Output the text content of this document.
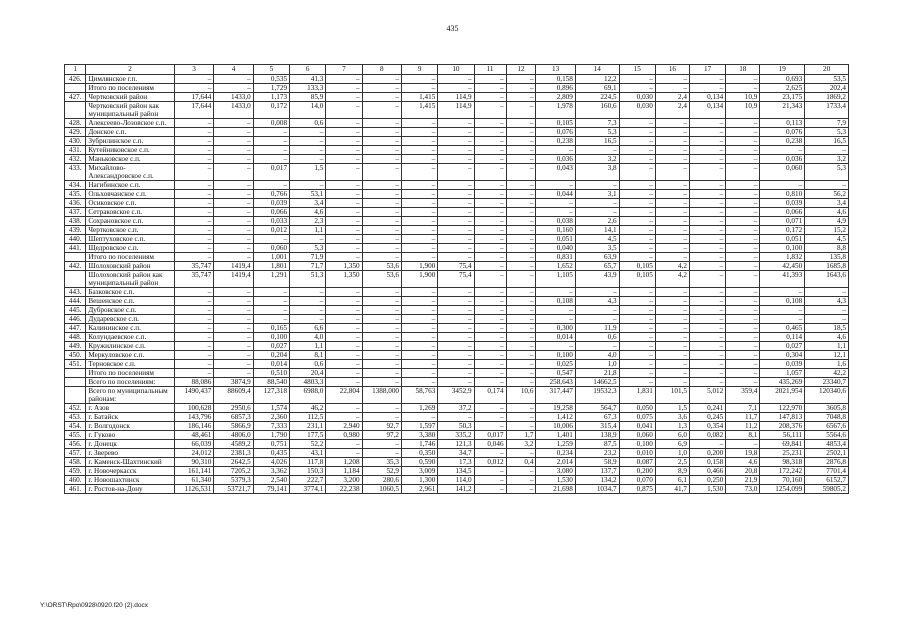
435
1	2	3	4	5	6	7	8	9	10	11	12	13	14	15	16	17	18	19	20
426.	Цимлянское г.п.	–	–	0,535	41,3	–	–	–	–	–	–	0,158	12,2	–	–	–	–	0,693	53,5
	Итого по поселениям	–	–	1,729	133,3	–	–	–	–	–	–	0,896	69,1	–	–	–	–	2,625	202,4
427.	Чертковский район	17,644	1433,0	1,173	85,9	–	–	1,415	114,9	–	–	2,809	224,5	0,030	2,4	0,134	10,9	23,175	1869,2
	Чертковский район как муниципальный район	17,644	1433,0	0,172	14,0	–	–	1,415	114,9	–	–	1,978	160,6	0,030	2,4	0,134	10,9	21,343	1733,4
428.	Алексеево-Лозовское с.п.	–	–	0,008	0,6	–	–	–	–	–	–	0,105	7,3	–	–	–	–	0,113	7,9
429.	Донское с.п.	–	–	–	–	–	–	–	–	–	–	0,076	5,3	–	–	–	–	0,076	5,3
430.	Зубрилинское с.п.	–	–	–	–	–	–	–	–	–	–	0,238	16,5	–	–	–	–	0,238	16,5
431.	Кутейниковское с.п.	–	–	–	–	–	–	–	–	–	–	–	–	–	–	–	–	–	–
432.	Маньковское с.п.	–	–	–	–	–	–	–	–	–	–	0,036	3,2	–	–	–	–	0,036	3,2
433.	Михайлово-Александровское с.п.	–	–	0,017	1,5	–	–	–	–	–	–	0,043	3,8	–	–	–	–	0,060	5,3
434.	Нагибинское с.п.	–	–	–	–	–	–	–	–	–	–	–	–	–	–	–	–	–	–
435.	Ольховчанское с.п.	–	–	0,766	53,1	–	–	–	–	–	–	0,044	3,1	–	–	–	–	0,810	56,2
436.	Осиковское с.п.	–	–	0,039	3,4	–	–	–	–	–	–	–	–	–	–	–	–	0,039	3,4
437.	Сетраковское с.п.	–	–	0,066	4,6	–	–	–	–	–	–	–	–	–	–	–	–	0,066	4,6
438.	Сохрановское с.п.	–	–	0,033	2,3	–	–	–	–	–	–	0,038	2,6	–	–	–	–	0,071	4,9
439.	Чертковское с.п.	–	–	0,012	1,1	–	–	–	–	–	–	0,160	14,1	–	–	–	–	0,172	15,2
440.	Шептуховское с.п.	–	–	–	–	–	–	–	–	–	–	0,051	4,5	–	–	–	–	0,051	4,5
441.	Щедровское с.п.	–	–	0,060	5,3	–	–	–	–	–	–	0,040	3,5	–	–	–	–	0,100	8,8
	Итого по поселениям	–	–	1,001	71,9	–	–	–	–	–	–	0,831	63,9	–	–	–	–	1,832	135,8
442.	Шолоховский район	35,747	1419,4	1,801	71,7	1,350	53,6	1,900	75,4	–	–	1,652	65,7	0,105	4,2	–	–	42,450	1685,8
	Шолоховский район как муниципальный район	35,747	1419,4	1,291	51,3	1,350	53,6	1,900	75,4	–	–	1,105	43,9	0,105	4,2	–	–	41,393	1643,6
443.	Базковское с.п.	–	–	–	–	–	–	–	–	–	–	–	–	–	–	–	–	–	–
444.	Вешенское с.п.	–	–	–	–	–	–	–	–	–	–	0,108	4,3	–	–	–	–	0,108	4,3
445.	Дубровское с.п.	–	–	–	–	–	–	–	–	–	–	–	–	–	–	–	–	–	–
446.	Дударевское с.п.	–	–	–	–	–	–	–	–	–	–	–	–	–	–	–	–	–	–
447.	Калининское с.п.	–	–	0,165	6,6	–	–	–	–	–	–	0,300	11,9	–	–	–	–	0,465	18,5
448.	Колундаевское с.п.	–	–	0,100	4,0	–	–	–	–	–	–	0,014	0,6	–	–	–	–	0,114	4,6
449.	Кружилинское с.п.	–	–	0,027	1,1	–	–	–	–	–	–	–	–	–	–	–	–	0,027	1,1
450.	Меркуловское с.п.	–	–	0,204	8,1	–	–	–	–	–	–	0,100	4,0	–	–	–	–	0,304	12,1
451.	Терновское с.п.	–	–	0,014	0,6	–	–	–	–	–	–	0,025	1,0	–	–	–	–	0,039	1,6
	Итого по поселениям	–	–	0,510	20,4	–	–	–	–	–	–	0,547	21,8	–	–	–	–	1,057	42,2
	Всего по поселениям:	88,086	3874,9	88,540	4803,3	–	–	–	–	–	–	258,643	14662,5	–	–	–	–	435,269	23340,7
	Всего по муниципальным районам:	1490,437	88609,4	127,318	6988,0	22,804	1388,000	58,763	3452,9	0,174	10,6	317,447	19532,3	1,831	101,5	5,012	359,4	2021,954	120340,6
452.	г. Азов	100,628	2950,6	1,574	46,2	–	–	1,269	37,2	–	–	19,258	564,7	0,050	1,5	0,241	7,1	122,970	3605,8
453.	г. Батайск	143,796	6857,3	2,360	112,5	–	–	–	–	–	–	1,412	67,3	0,075	3,6	0,245	11,7	147,813	7048,8
454.	г. Волгодонск	186,146	5866,9	7,333	231,1	2,940	92,7	1,597	50,3	–	–	10,006	315,4	0,041	1,3	0,354	11,2	208,376	6567,6
455.	г. Гуково	48,461	4806,0	1,790	177,5	0,980	97,2	3,380	335,2	0,017	1,7	1,401	138,9	0,060	6,0	0,082	8,1	56,111	5564,6
456.	г. Донецк	66,039	4589,2	0,751	52,2	–	–	1,746	121,3	0,046	3,2	1,259	87,5	0,100	6,9	–	–	69,841	4853,4
457.	г. Зверево	24,012	2381,3	0,435	43,1	–	–	0,350	34,7	–	–	0,234	23,2	0,010	1,0	0,200	19,8	25,231	2502,1
458.	г. Каменск-Шахтинский	90,310	2642,5	4,026	117,8	1,208	35,3	0,590	17,3	0,012	0,4	2,014	58,9	0,087	2,5	0,158	4,6	98,318	2876,8
459.	г. Новочеркасск	161,141	7205,2	3,362	150,3	1,184	52,9	3,009	134,5	–	–	3,080	137,7	0,200	8,9	0,466	20,8	172,242	7701,4
460.	г. Новошахтинск	61,340	5379,3	2,540	222,7	3,200	280,6	1,300	114,0	–	–	1,530	134,2	0,070	6,1	0,250	21,9	70,160	6152,7
461.	г. Ростов-на-Дону	1126,531	53721,7	79,141	3774,1	22,238	1060,5	2,961	141,2	–	–	21,698	1034,7	0,875	41,7	1,530	73,0	1254,099	59805,2
Y:\ORST\Rpo\0928\0920.f20 (2).docx
